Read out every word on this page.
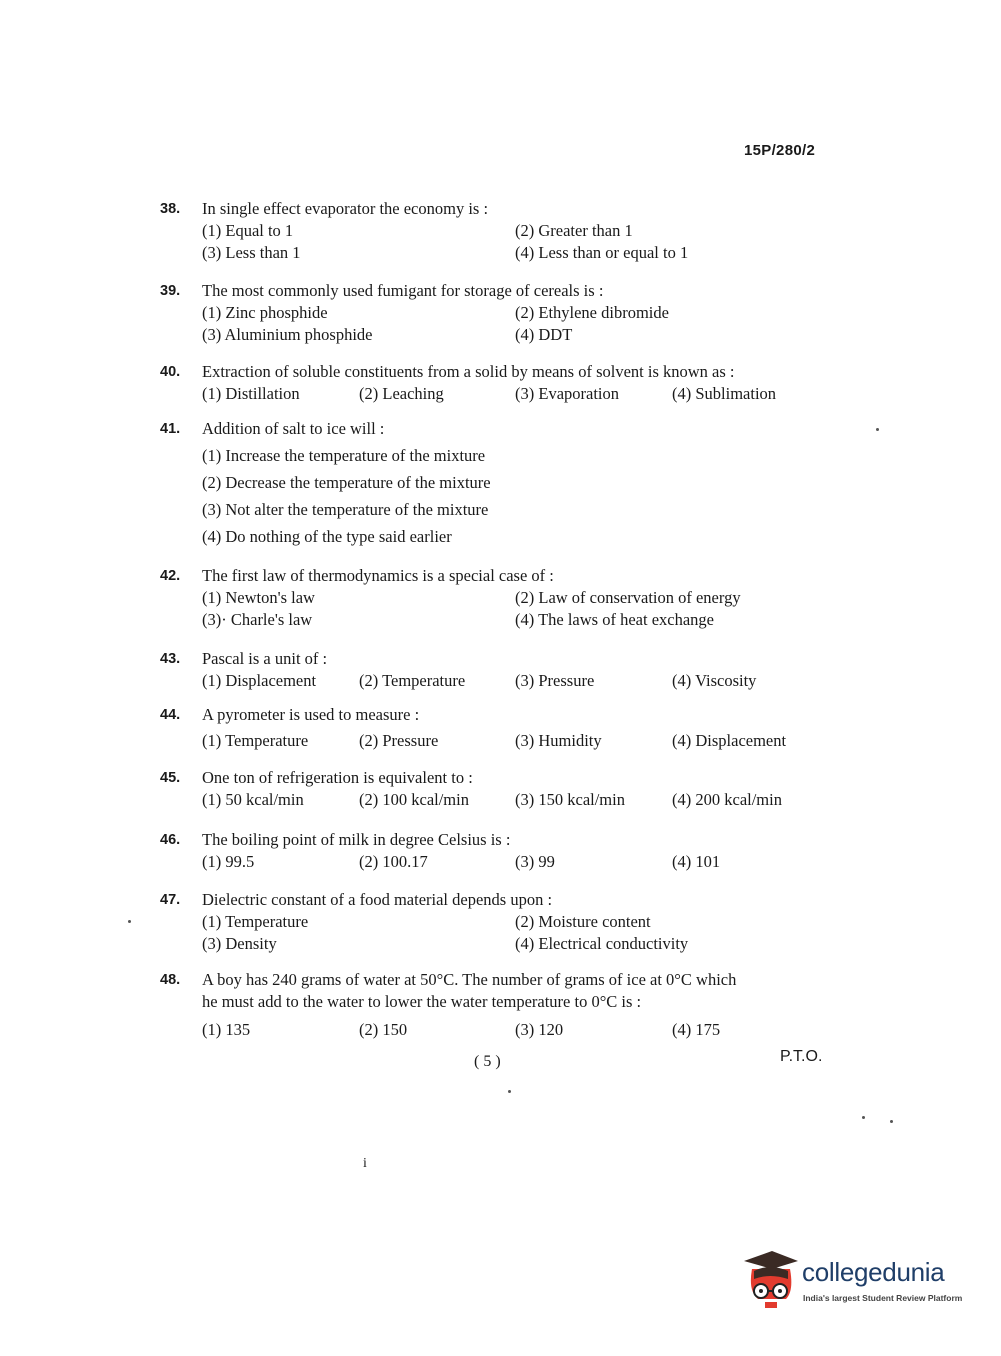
15P/280/2
38.	In single effect evaporator the economy is :
(1) Equal to 1	(2) Greater than 1
(3) Less than 1	(4) Less than or equal to 1
39.	The most commonly used fumigant for storage of cereals is :
(1) Zinc phosphide	(2) Ethylene dibromide
(3) Aluminium phosphide	(4) DDT
40.	Extraction of soluble constituents from a solid by means of solvent is known as :
(1) Distillation	(2) Leaching	(3) Evaporation	(4) Sublimation
41.	Addition of salt to ice will :
(1) Increase the temperature of the mixture
(2) Decrease the temperature of the mixture
(3) Not alter the temperature of the mixture
(4) Do nothing of the type said earlier
42.	The first law of thermodynamics is a special case of :
(1) Newton's law	(2) Law of conservation of energy
(3)· Charle's law	(4) The laws of heat exchange
43.	Pascal is a unit of :
(1) Displacement	(2) Temperature	(3) Pressure	(4) Viscosity
44.	A pyrometer is used to measure :
(1) Temperature	(2) Pressure	(3) Humidity	(4) Displacement
45.	One ton of refrigeration is equivalent to :
(1) 50 kcal/min	(2) 100 kcal/min	(3) 150 kcal/min	(4) 200 kcal/min
46.	The boiling point of milk in degree Celsius is :
(1) 99.5	(2) 100.17	(3) 99	(4) 101
47.	Dielectric constant of a food material depends upon :
(1) Temperature	(2) Moisture content
(3) Density	(4) Electrical conductivity
48.	A boy has 240 grams of water at 50°C. The number of grams of ice at 0°C which
he must add to the water to lower the water temperature to 0°C is :
(1) 135	(2) 150	(3) 120	(4) 175
( 5 )	P.T.O.
i
collegedunia
India's largest Student Review Platform
